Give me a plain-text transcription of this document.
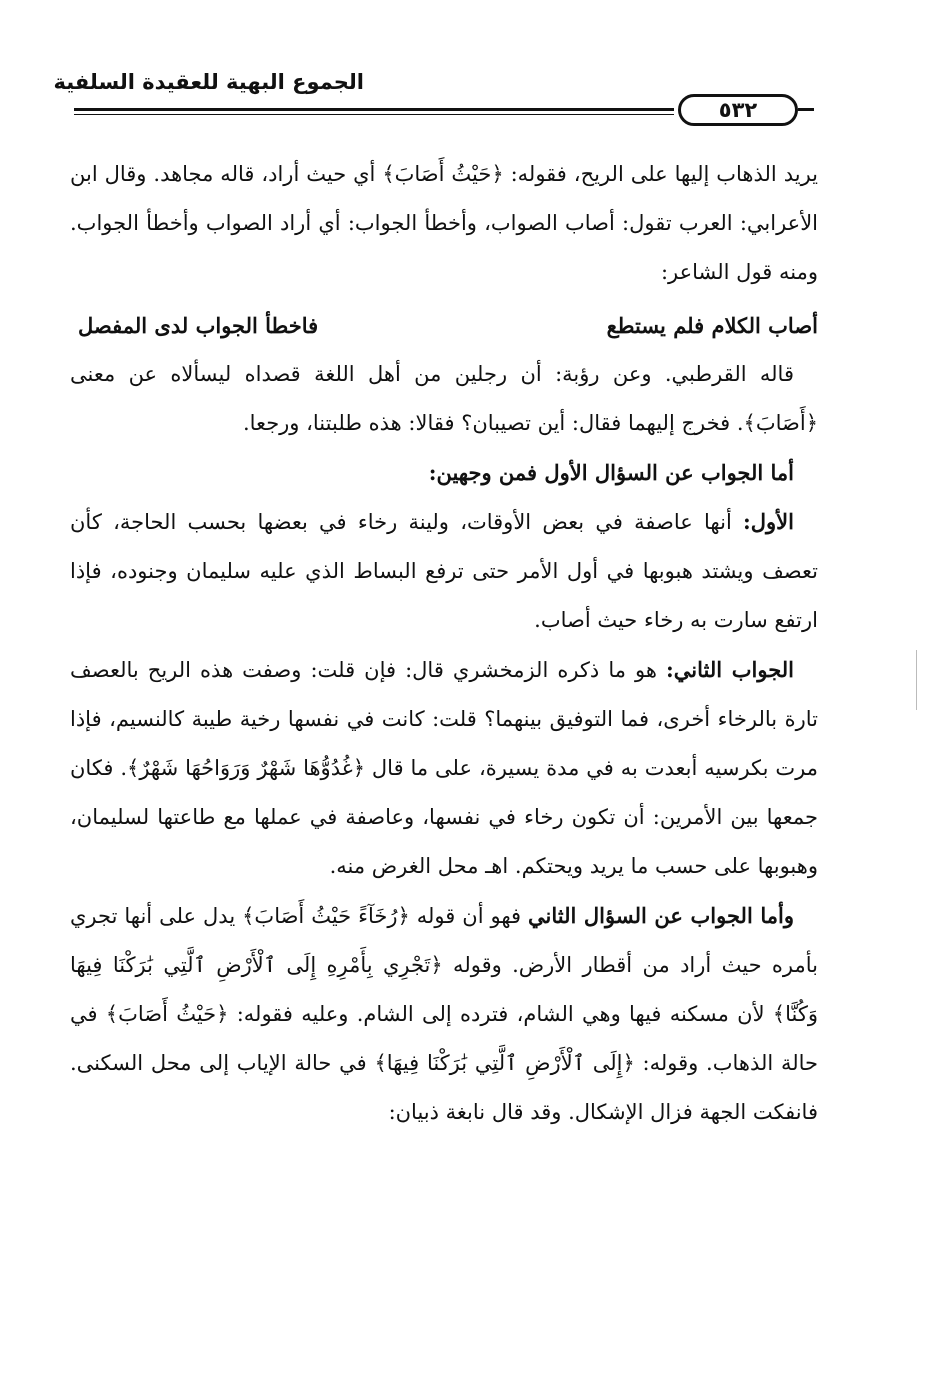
الجموع البهية للعقيدة السلفية
٥٣٢

يريد الذهاب إليها على الريح، فقوله: ﴿حَيْثُ أَصَابَ﴾ أي حيث أراد، قاله مجاهد. وقال ابن الأعرابي: العرب تقول: أصاب الصواب، وأخطأ الجواب: أي أراد الصواب وأخطأ الجواب. ومنه قول الشاعر:

أصاب الكلام فلم يستطع
فاخطأ الجواب لدى المفصل

قاله القرطبي. وعن رؤبة: أن رجلين من أهل اللغة قصداه ليسألاه عن معنى ﴿أَصَابَ﴾. فخرج إليهما فقال: أين تصيبان؟ فقالا: هذه طلبتنا، ورجعا.

أما الجواب عن السؤال الأول فمن وجهين:

الأول: أنها عاصفة في بعض الأوقات، ولينة رخاء في بعضها بحسب الحاجة، كأن تعصف ويشتد هبوبها في أول الأمر حتى ترفع البساط الذي عليه سليمان وجنوده، فإذا ارتفع سارت به رخاء حيث أصاب.

الجواب الثاني: هو ما ذكره الزمخشري قال: فإن قلت: وصفت هذه الريح بالعصف تارة بالرخاء أخرى، فما التوفيق بينهما؟ قلت: كانت في نفسها رخية طيبة كالنسيم، فإذا مرت بكرسيه أبعدت به في مدة يسيرة، على ما قال ﴿غُدُوُّهَا شَهْرٌ وَرَوَاحُهَا شَهْرٌ﴾. فكان جمعها بين الأمرين: أن تكون رخاء في نفسها، وعاصفة في عملها مع طاعتها لسليمان، وهبوبها على حسب ما يريد ويحتكم. اهـ محل الغرض منه.

وأما الجواب عن السؤال الثاني فهو أن قوله ﴿رُخَآءً حَيْثُ أَصَابَ﴾ يدل على أنها تجري بأمره حيث أراد من أقطار الأرض. وقوله ﴿تَجْرِي بِأَمْرِهِ إِلَى ٱلْأَرْضِ ٱلَّتِي بَٰرَكْنَا فِيهَا وَكُنَّا﴾ لأن مسكنه فيها وهي الشام، فترده إلى الشام. وعليه فقوله: ﴿حَيْثُ أَصَابَ﴾ في حالة الذهاب. وقوله: ﴿إِلَى ٱلْأَرْضِ ٱلَّتِي بَٰرَكْنَا فِيهَا﴾ في حالة الإياب إلى محل السكنى. فانفكت الجهة فزال الإشكال. وقد قال نابغة ذبيان:
